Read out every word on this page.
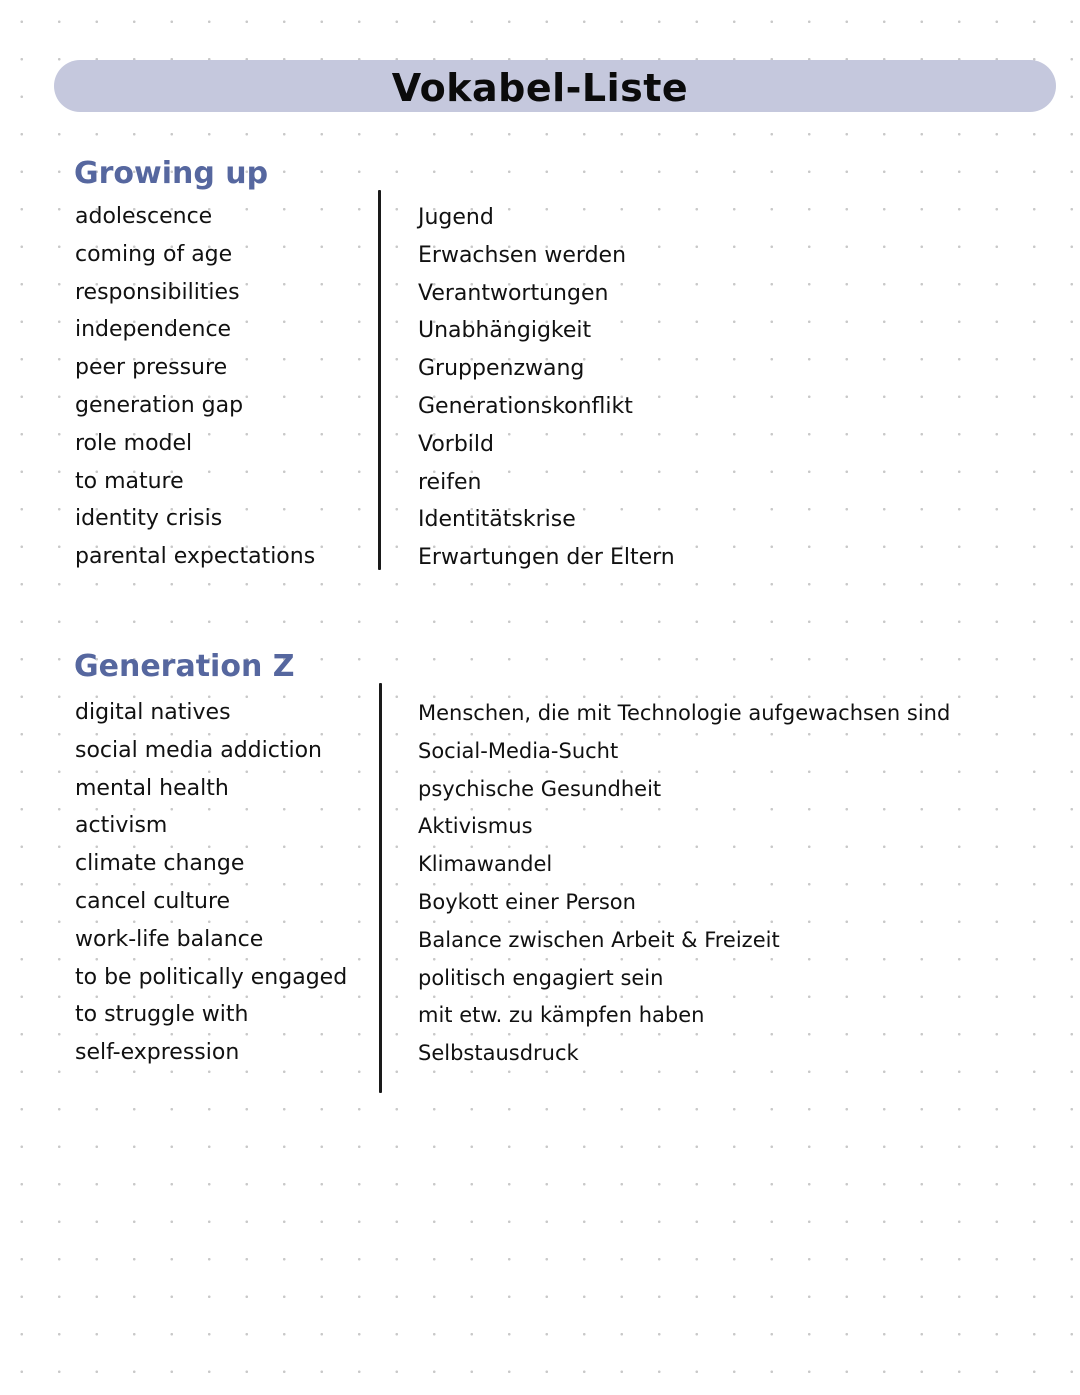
Vokabel-Liste
Growing up
adolescence
coming of age
responsibilities
independence
peer pressure
generation gap
role model
to mature
identity crisis
parental expectations
Jugend
Erwachsen werden
Verantwortungen
Unabhängigkeit
Gruppenzwang
Generationskonflikt
Vorbild
reifen
Identitätskrise
Erwartungen der Eltern
Generation Z
digital natives
social media addiction
mental health
activism
climate change
cancel culture
work-life balance
to be politically engaged
to struggle with
self-expression
Menschen, die mit Technologie aufgewachsen sind
Social-Media-Sucht
psychische Gesundheit
Aktivismus
Klimawandel
Boykott einer Person
Balance zwischen Arbeit & Freizeit
politisch engagiert sein
mit etw. zu kämpfen haben
Selbstausdruck
